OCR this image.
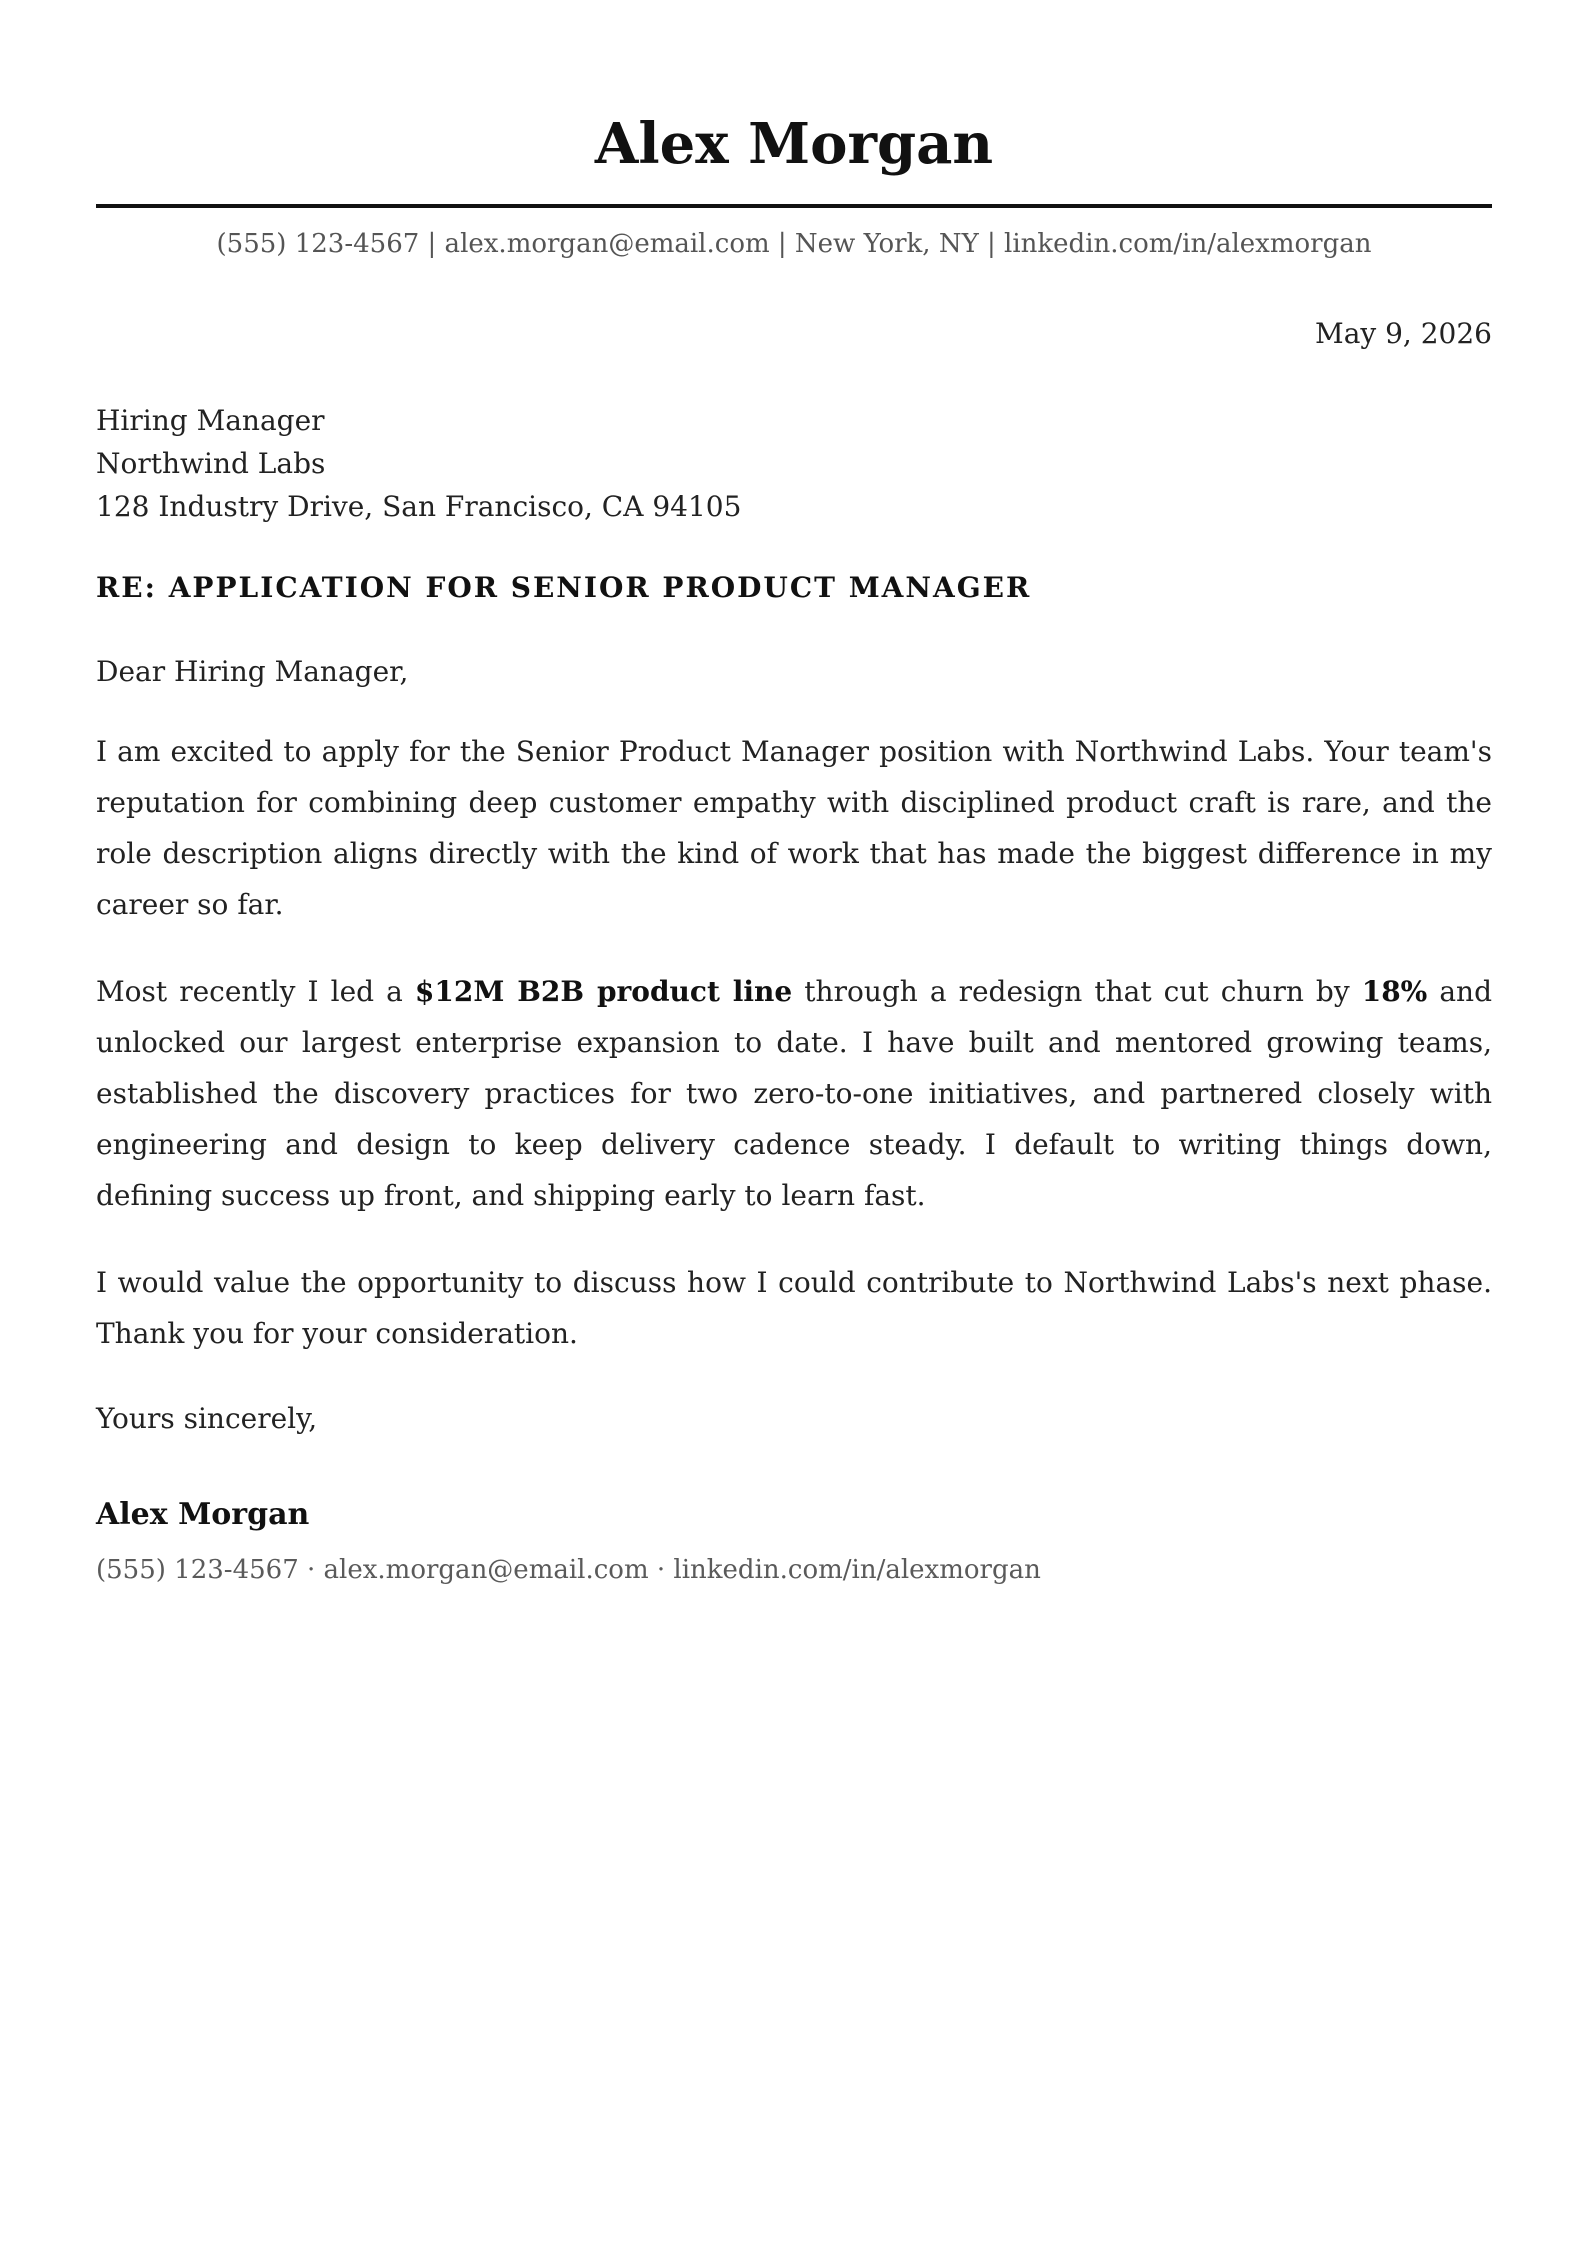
Alex Morgan
(555) 123-4567 | alex.morgan@email.com | New York, NY | linkedin.com/in/alexmorgan
May 9, 2026
Hiring Manager
Northwind Labs
128 Industry Drive, San Francisco, CA 94105
RE: APPLICATION FOR SENIOR PRODUCT MANAGER
Dear Hiring Manager,
I am excited to apply for the Senior Product Manager position with Northwind Labs. Your team's reputation for combining deep customer empathy with disciplined product craft is rare, and the role description aligns directly with the kind of work that has made the biggest difference in my career so far.
Most recently I led a $12M B2B product line through a redesign that cut churn by 18% and unlocked our largest enterprise expansion to date. I have built and mentored growing teams, established the discovery practices for two zero-to-one initiatives, and partnered closely with engineering and design to keep delivery cadence steady. I default to writing things down, defining success up front, and shipping early to learn fast.
I would value the opportunity to discuss how I could contribute to Northwind Labs's next phase. Thank you for your consideration.
Yours sincerely,
Alex Morgan
(555) 123-4567 · alex.morgan@email.com · linkedin.com/in/alexmorgan
